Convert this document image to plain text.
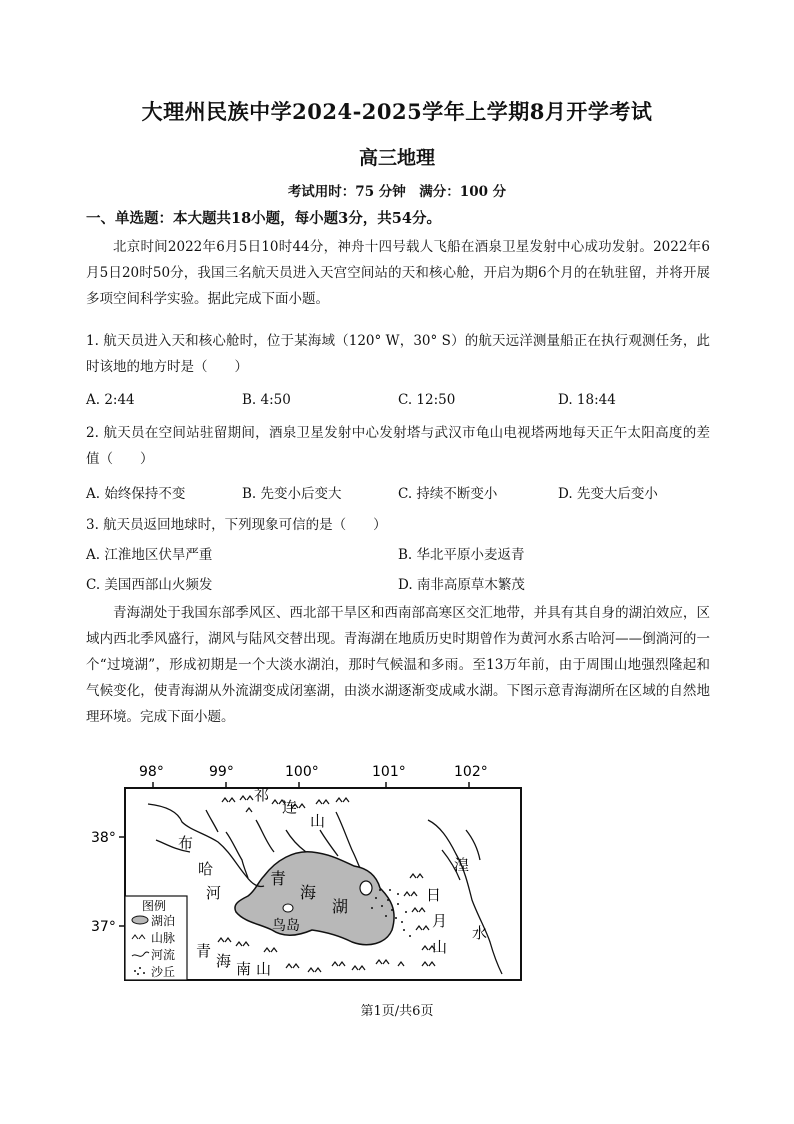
大理州民族中学2024-2025学年上学期8月开学考试
高三地理
考试用时：75 分钟　满分：100 分
一、单选题：本大题共18小题，每小题3分，共54分。
北京时间2022年6月5日10时44分，神舟十四号载人飞船在酒泉卫星发射中心成功发射。2022年6月5日20时50分，我国三名航天员进入天宫空间站的天和核心舱，开启为期6个月的在轨驻留，并将开展多项空间科学实验。据此完成下面小题。
1. 航天员进入天和核心舱时，位于某海域（120° W，30° S）的航天远洋测量船正在执行观测任务，此时该地的地方时是（　　）
A. 2:44	B. 4:50	C. 12:50	D. 18:44
2. 航天员在空间站驻留期间，酒泉卫星发射中心发射塔与武汉市龟山电视塔两地每天正午太阳高度的差值（　　）
A. 始终保持不变	B. 先变小后变大	C. 持续不断变小	D. 先变大后变小
3. 航天员返回地球时，下列现象可信的是（　　）
A. 江淮地区伏旱严重	B. 华北平原小麦返青
C. 美国西部山火频发	D. 南非高原草木繁茂
青海湖处于我国东部季风区、西北部干旱区和西南部高寒区交汇地带，并具有其自身的湖泊效应，区域内西北季风盛行，湖风与陆风交替出现。青海湖在地质历史时期曾作为黄河水系古哈河——倒淌河的一个“过境湖”，形成初期是一个大淡水湖泊，那时气候温和多雨。至13万年前，由于周围山地强烈隆起和气候变化，使青海湖从外流湖变成闭塞湖，由淡水湖逐渐变成咸水湖。下图示意青海湖所在区域的自然地理环境。完成下面小题。
98°	99°	100°	101°	102°
38°
37°
祁
连
山
布
哈
河
青
海
湖
鸟岛
日
月
山
湟
水
青
海 南 山
图例
湖泊
山脉
河流
沙丘
第1页/共6页
